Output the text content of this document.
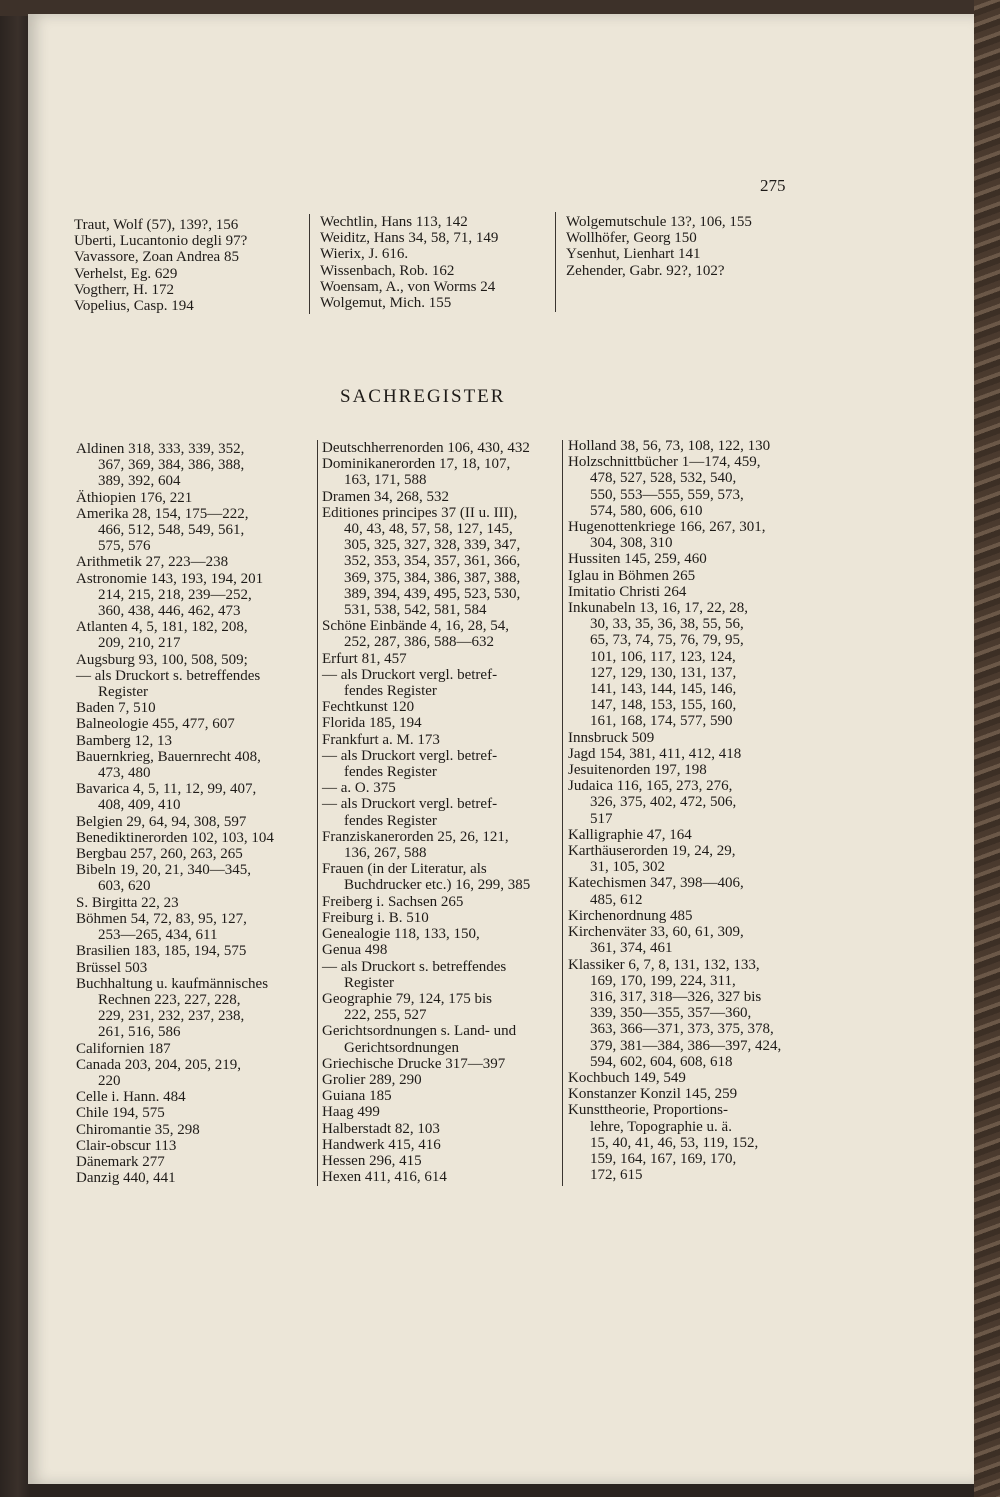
275
Traut, Wolf (57), 139?, 156
Uberti, Lucantonio degli 97?
Vavassore, Zoan Andrea 85
Verhelst, Eg. 629
Vogtherr, H. 172
Vopelius, Casp. 194
Wechtlin, Hans 113, 142
Weiditz, Hans 34, 58, 71, 149
Wierix, J. 616.
Wissenbach, Rob. 162
Woensam, A., von Worms 24
Wolgemut, Mich. 155
Wolgemutschule 13?, 106, 155
Wollhöfer, Georg 150
Ysenhut, Lienhart 141
Zehender, Gabr. 92?, 102?
SACHREGISTER
Aldinen 318, 333, 339, 352,
367, 369, 384, 386, 388,
389, 392, 604
Äthiopien 176, 221
Amerika 28, 154, 175—222,
466, 512, 548, 549, 561,
575, 576
Arithmetik 27, 223—238
Astronomie 143, 193, 194, 201
214, 215, 218, 239—252,
360, 438, 446, 462, 473
Atlanten 4, 5, 181, 182, 208,
209, 210, 217
Augsburg 93, 100, 508, 509;
— als Druckort s. betreffendes
Register
Baden 7, 510
Balneologie 455, 477, 607
Bamberg 12, 13
Bauernkrieg, Bauernrecht 408,
473, 480
Bavarica 4, 5, 11, 12, 99, 407,
408, 409, 410
Belgien 29, 64, 94, 308, 597
Benediktinerorden 102, 103, 104
Bergbau 257, 260, 263, 265
Bibeln 19, 20, 21, 340—345,
603, 620
S. Birgitta 22, 23
Böhmen 54, 72, 83, 95, 127,
253—265, 434, 611
Brasilien 183, 185, 194, 575
Brüssel 503
Buchhaltung u. kaufmännisches
Rechnen 223, 227, 228,
229, 231, 232, 237, 238,
261, 516, 586
Californien 187
Canada 203, 204, 205, 219,
220
Celle i. Hann. 484
Chile 194, 575
Chiromantie 35, 298
Clair-obscur 113
Dänemark 277
Danzig 440, 441
Deutschherrenorden 106, 430, 432
Dominikanerorden 17, 18, 107,
163, 171, 588
Dramen 34, 268, 532
Editiones principes 37 (II u. III),
40, 43, 48, 57, 58, 127, 145,
305, 325, 327, 328, 339, 347,
352, 353, 354, 357, 361, 366,
369, 375, 384, 386, 387, 388,
389, 394, 439, 495, 523, 530,
531, 538, 542, 581, 584
Schöne Einbände 4, 16, 28, 54,
252, 287, 386, 588—632
Erfurt 81, 457
— als Druckort vergl. betref-
fendes Register
Fechtkunst 120
Florida 185, 194
Frankfurt a. M. 173
— als Druckort vergl. betref-
fendes Register
— a. O. 375
— als Druckort vergl. betref-
fendes Register
Franziskanerorden 25, 26, 121,
136, 267, 588
Frauen (in der Literatur, als
Buchdrucker etc.) 16, 299, 385
Freiberg i. Sachsen 265
Freiburg i. B. 510
Genealogie 118, 133, 150,
Genua 498
— als Druckort s. betreffendes
Register
Geographie 79, 124, 175 bis
222, 255, 527
Gerichtsordnungen s. Land- und
Gerichtsordnungen
Griechische Drucke 317—397
Grolier 289, 290
Guiana 185
Haag 499
Halberstadt 82, 103
Handwerk 415, 416
Hessen 296, 415
Hexen 411, 416, 614
Holland 38, 56, 73, 108, 122, 130
Holzschnittbücher 1—174, 459,
478, 527, 528, 532, 540,
550, 553—555, 559, 573,
574, 580, 606, 610
Hugenottenkriege 166, 267, 301,
304, 308, 310
Hussiten 145, 259, 460
Iglau in Böhmen 265
Imitatio Christi 264
Inkunabeln 13, 16, 17, 22, 28,
30, 33, 35, 36, 38, 55, 56,
65, 73, 74, 75, 76, 79, 95,
101, 106, 117, 123, 124,
127, 129, 130, 131, 137,
141, 143, 144, 145, 146,
147, 148, 153, 155, 160,
161, 168, 174, 577, 590
Innsbruck 509
Jagd 154, 381, 411, 412, 418
Jesuitenorden 197, 198
Judaica 116, 165, 273, 276,
326, 375, 402, 472, 506,
517
Kalligraphie 47, 164
Karthäuserorden 19, 24, 29,
31, 105, 302
Katechismen 347, 398—406,
485, 612
Kirchenordnung 485
Kirchenväter 33, 60, 61, 309,
361, 374, 461
Klassiker 6, 7, 8, 131, 132, 133,
169, 170, 199, 224, 311,
316, 317, 318—326, 327 bis
339, 350—355, 357—360,
363, 366—371, 373, 375, 378,
379, 381—384, 386—397, 424,
594, 602, 604, 608, 618
Kochbuch 149, 549
Konstanzer Konzil 145, 259
Kunsttheorie, Proportions-
lehre, Topographie u. ä.
15, 40, 41, 46, 53, 119, 152,
159, 164, 167, 169, 170,
172, 615
